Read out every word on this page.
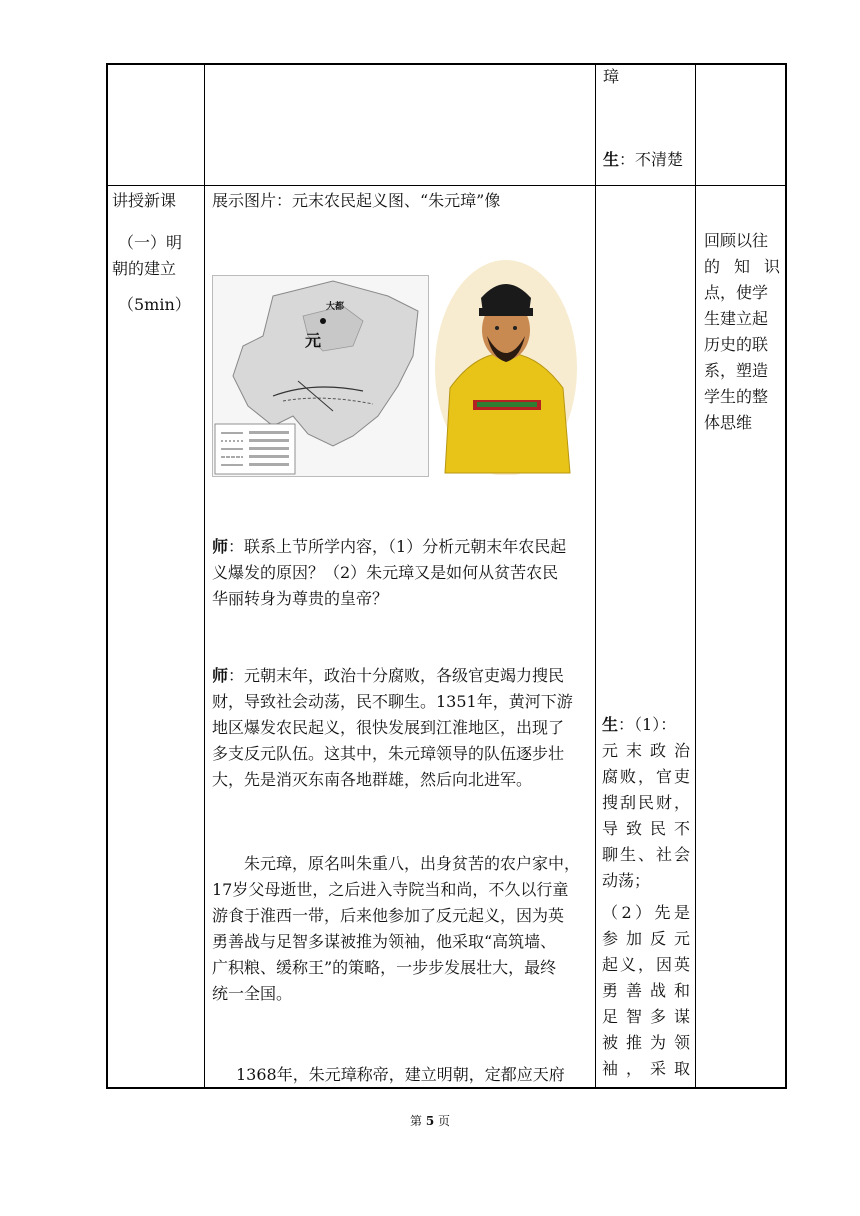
璋

生：不清楚

讲授新课

（一）明

朝的建立

（5min）

展示图片：元末农民起义图、“朱元璋”像

大都
元

师：联系上节所学内容，（1）分析元朝末年农民起

义爆发的原因？（2）朱元璋又是如何从贫苦农民

华丽转身为尊贵的皇帝？

师：元朝末年，政治十分腐败，各级官吏竭力搜民

财，导致社会动荡，民不聊生。1351年，黄河下游

地区爆发农民起义，很快发展到江淮地区，出现了

多支反元队伍。这其中，朱元璋领导的队伍逐步壮

大，先是消灭东南各地群雄，然后向北进军。

朱元璋，原名叫朱重八，出身贫苦的农户家中，

17岁父母逝世，之后进入寺院当和尚，不久以行童

游食于淮西一带，后来他参加了反元起义，因为英

勇善战与足智多谋被推为领袖，他采取“高筑墙、

广积粮、缓称王”的策略，一步步发展壮大，最终

统一全国。

1368年，朱元璋称帝，建立明朝，定都应天府

生：（1）：

元末政治

腐败，官吏

搜刮民财，

导致民不

聊生、社会

动荡；

（2）先是

参加反元

起义，因英

勇善战和

足智多谋

被推为领

袖，采取

回顾以往

的知识

点，使学

生建立起

历史的联

系，塑造

学生的整

体思维

第 5 页
